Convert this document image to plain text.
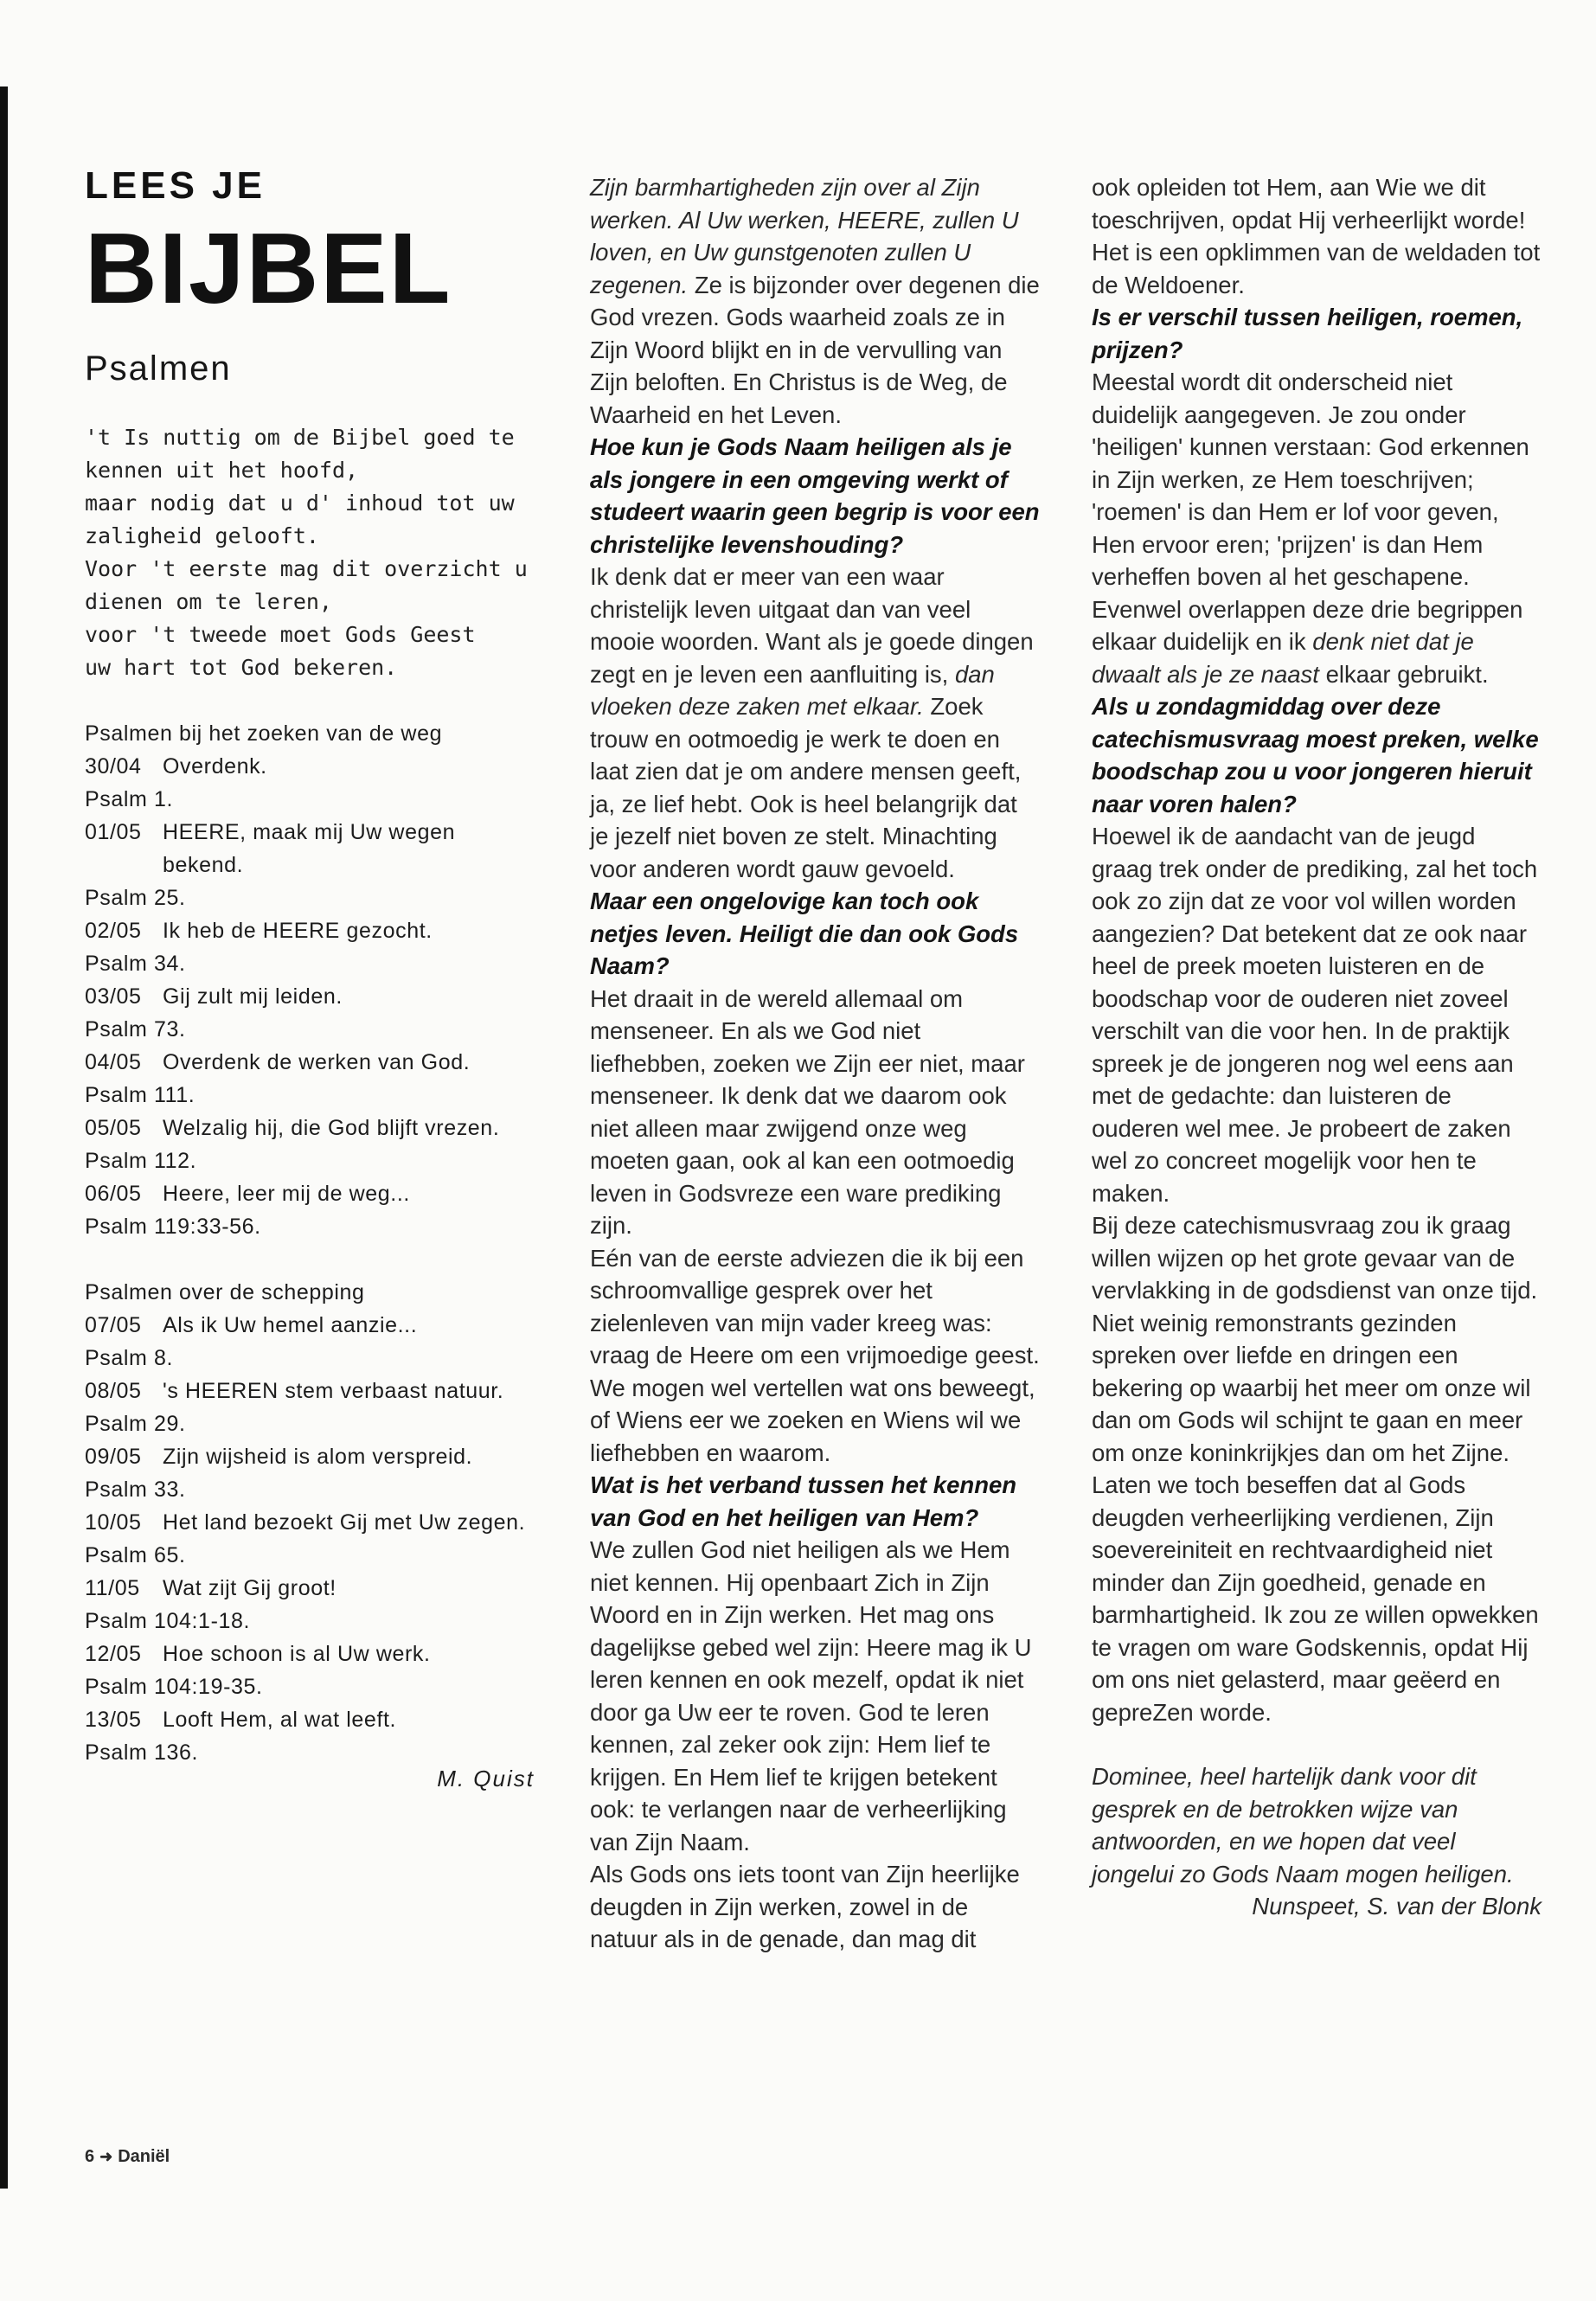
LEES JE
BIJBEL
Psalmen
't Is nuttig om de Bijbel goed te
kennen uit het hoofd,
maar nodig dat u d' inhoud tot uw
zaligheid gelooft.
Voor 't eerste mag dit overzicht u
dienen om te leren,
voor 't tweede moet Gods Geest
uw hart tot God bekeren.
Psalmen bij het zoeken van de weg
30/04 Overdenk.
Psalm 1.
01/05 HEERE, maak mij Uw wegen bekend.
Psalm 25.
02/05 Ik heb de HEERE gezocht.
Psalm 34.
03/05 Gij zult mij leiden.
Psalm 73.
04/05 Overdenk de werken van God.
Psalm 111.
05/05 Welzalig hij, die God blijft vrezen.
Psalm 112.
06/05 Heere, leer mij de weg...
Psalm 119:33-56.
Psalmen over de schepping
07/05 Als ik Uw hemel aanzie...
Psalm 8.
08/05 's HEEREN stem verbaast natuur.
Psalm 29.
09/05 Zijn wijsheid is alom verspreid.
Psalm 33.
10/05 Het land bezoekt Gij met Uw zegen.
Psalm 65.
11/05	Wat zijt Gij groot!
Psalm 104:1-18.
12/05 Hoe schoon is al Uw werk.
Psalm 104:19-35.
13/05 Looft Hem, al wat leeft.
Psalm 136.
M. Quist
6 ➜ Daniël

Zijn barmhartigheden zijn over al Zijn werken. Al Uw werken, HEERE, zullen U loven, en Uw gunstgenoten zullen U zegenen. Ze is bijzonder over degenen die God vrezen. Gods waarheid zoals ze in Zijn Woord blijkt en in de vervulling van Zijn beloften. En Christus is de Weg, de Waarheid en het Leven.

Hoe kun je Gods Naam heiligen als je als jongere in een omgeving werkt of studeert waarin geen begrip is voor een christelijke levenshouding?

Ik denk dat er meer van een waar christelijk leven uitgaat dan van veel mooie woorden. Want als je goede dingen zegt en je leven een aanfluiting is, dan vloeken deze zaken met elkaar. Zoek trouw en ootmoedig je werk te doen en laat zien dat je om andere mensen geeft, ja, ze lief hebt. Ook is heel belangrijk dat je jezelf niet boven ze stelt. Minachting voor anderen wordt gauw gevoeld.

Maar een ongelovige kan toch ook netjes leven. Heiligt die dan ook Gods Naam?

Het draait in de wereld allemaal om menseneer. En als we God niet liefhebben, zoeken we Zijn eer niet, maar menseneer. Ik denk dat we daarom ook niet alleen maar zwijgend onze weg moeten gaan, ook al kan een ootmoedig leven in Godsvreze een ware prediking zijn.

Eén van de eerste adviezen die ik bij een schroomvallige gesprek over het zielenleven van mijn vader kreeg was: vraag de Heere om een vrijmoedige geest. We mogen wel vertellen wat ons beweegt, of Wiens eer we zoeken en Wiens wil we liefhebben en waarom.

Wat is het verband tussen het kennen van God en het heiligen van Hem?

We zullen God niet heiligen als we Hem niet kennen. Hij openbaart Zich in Zijn Woord en in Zijn werken. Het mag ons dagelijkse gebed wel zijn: Heere mag ik U leren kennen en ook mezelf, opdat ik niet door ga Uw eer te roven. God te leren kennen, zal zeker ook zijn: Hem lief te krijgen. En Hem lief te krijgen betekent ook: te verlangen naar de verheerlijking van Zijn Naam.

Als Gods ons iets toont van Zijn heerlijke deugden in Zijn werken, zowel in de natuur als in de genade, dan mag dit

ook opleiden tot Hem, aan Wie we dit toeschrijven, opdat Hij verheerlijkt worde!

Het is een opklimmen van de weldaden tot de Weldoener.

Is er verschil tussen heiligen, roemen, prijzen?

Meestal wordt dit onderscheid niet duidelijk aangegeven. Je zou onder 'heiligen' kunnen verstaan: God erkennen in Zijn werken, ze Hem toeschrijven; 'roemen' is dan Hem er lof voor geven, Hen ervoor eren; 'prijzen' is dan Hem verheffen boven al het geschapene. Evenwel overlappen deze drie begrippen elkaar duidelijk en ik denk niet dat je dwaalt als je ze naast elkaar gebruikt.

Als u zondagmiddag over deze catechismusvraag moest preken, welke boodschap zou u voor jongeren hieruit naar voren halen?

Hoewel ik de aandacht van de jeugd graag trek onder de prediking, zal het toch ook zo zijn dat ze voor vol willen worden aangezien? Dat betekent dat ze ook naar heel de preek moeten luisteren en de boodschap voor de ouderen niet zoveel verschilt van die voor hen. In de praktijk spreek je de jongeren nog wel eens aan met de gedachte: dan luisteren de ouderen wel mee. Je probeert de zaken wel zo concreet mogelijk voor hen te maken.

Bij deze catechismusvraag zou ik graag willen wijzen op het grote gevaar van de vervlakking in de godsdienst van onze tijd. Niet weinig remonstrants gezinden spreken over liefde en dringen een bekering op waarbij het meer om onze wil dan om Gods wil schijnt te gaan en meer om onze koninkrijkjes dan om het Zijne. Laten we toch beseffen dat al Gods deugden verheerlijking verdienen, Zijn soevereiniteit en rechtvaardigheid niet minder dan Zijn goedheid, genade en barmhartigheid. Ik zou ze willen opwekken te vragen om ware Godskennis, opdat Hij om ons niet gelasterd, maar geëerd en gepreZen worde.

Dominee, heel hartelijk dank voor dit gesprek en de betrokken wijze van antwoorden, en we hopen dat veel jongelui zo Gods Naam mogen heiligen.

Nunspeet, S. van der Blonk
